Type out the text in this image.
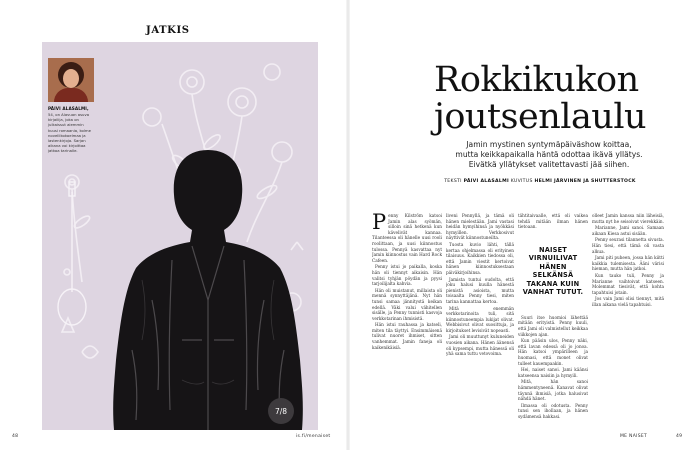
JATKIS
PÄIVI ALASALMI,
54, on Alavuon asuva kirjailija, joka on julkaissut aiemmin kuusi romaania, kolme novellikokoelmaa ja lastenkirjoja. Sarjan aikana voi kirjoittaa jatkoa tarinalle.
7/8
48	is.fi/menaiset
Rokkikukon
joutsenlaulu

Jamin mystinen syntymäpäiväshow koittaa,
mutta keikkapaikalla häntä odottaa ikävä yllätys.
Eivätkä yllätykset valitettavasti jää siihen.

TEKSTI PÄIVI ALASALMI KUVITUS HELMI JÄRVINEN JA SHUTTERSTOCK

Penny Kilström katsoi Jamin alas syömän, silloin sinä hetkenä kun kävelivät kannaa. Tilanteessa oli hänelle uusi rooli roolittaan, ja uusi kiinnostus tulossa. Pennyä kasvattaa nyt Jamin kiinnostus vain Hard Rock Cafeen.

Penny istui jo paikalla, koska hän oli tiennyt aikaisin. Hän valitsi tyhjän pöydän ja pyysi tarjoilijalta kahvia.

Hän oli muistanut, millaista oli mennä synnyttäjänä. Nyt hän tunsi samaa jännitystä keikan edellä. Väki valui vähitellen sisälle, ja Penny tunnisti kasvoja verkkotarinan ihmisistä.

Hän istui rauhassa ja katseli, miten tila täyttyi. Ensimmäisenä tulivat nuoret ihmiset, sitten vanhemmat. Jamin faneja oli kaikenikäisiä.

liveni Pennyllä, ja tämä oli hänen mielestään. Jami vastasi heidän hymyihinsä ja nyökkäsi hymyillen. Verkkosivut näyttivät kiinnostuneilta.

Tuosta kuvio lähti, tällä kertaa ohjelmassa oli erityinen tilaisuus. Kaikkien tiedossa oli, että Jamin viestit kertoivat hänen kiinnostuksestaan päiväkirjoihinsa.

Jamista tuntui oudolta, että joku halusi kuulla hänestä pienistä asioista, mutta toisaalta Penny tiesi, miten tarina kannattaa kertoa.

Mitä enemmän verkkotarinoita tuli, sitä kiinnostuneempia lukijat olivat. Webbisivut olivat suosittuja, ja kirjoitukset levisivät nopeasti.

Jami oli muuttunyt kuluneiden vuosien aikana. Hänen äänensä oli kypsempi, mutta hänessä oli yhä sama tuttu vetovoima.

tähtitaivaalle, että oli vaikea tehdä mitään ilman hänen tietoaan.

Suuri itse huomioi lähettää mitään erityistä. Penny kuuli, että Jami oli valmistellut keikkaa viikkojen ajan.

Kun pääsin ulos, Penny näki, että lavan edessä oli jo jonoa. Hän katsoi ympärilleen ja huomasi, että monet olivat tulleet kauempaakin.

Hei, naiset sanoi. Jami käänsi katseensa naisiin ja hymyili.

Mitä, hän sanoi hämmentyneenä. Kanavat olivat täynnä ihmisiä, jotka halusivat nähdä hänet.

Ilmassa oli odotusta. Penny tunsi sen ihollaan, ja hänen sydämensä hakkasi.

olleet Jamin kanssa niin läheisiä, mutta nyt he seisoivat vierekkäin.

Marianne, Jami sanoi. Samaan aikaan Kiesa astui sisään.

Penny seurasi tilannetta sivusta. Hän tiesi, että tämä oli vasta alkua.

Jami piti puheen, jossa hän kiitti kaikkia tulemisesta. Ääni värisi hieman, mutta hän jatkoi.

Kun tauko tuli, Penny ja Marianne vaihtoivat katseen. Molemmat tiesivät, että kohta tapahtuisi jotain.

Jos vain Jami olisi tiennyt, mitä illan aikana vielä tapahtuisi.

NAISET VIRNUILIVAT HÄNEN SELKÄNSÄ TAKANA KUIN VANHAT TUTUT.
ME NAISET	49
